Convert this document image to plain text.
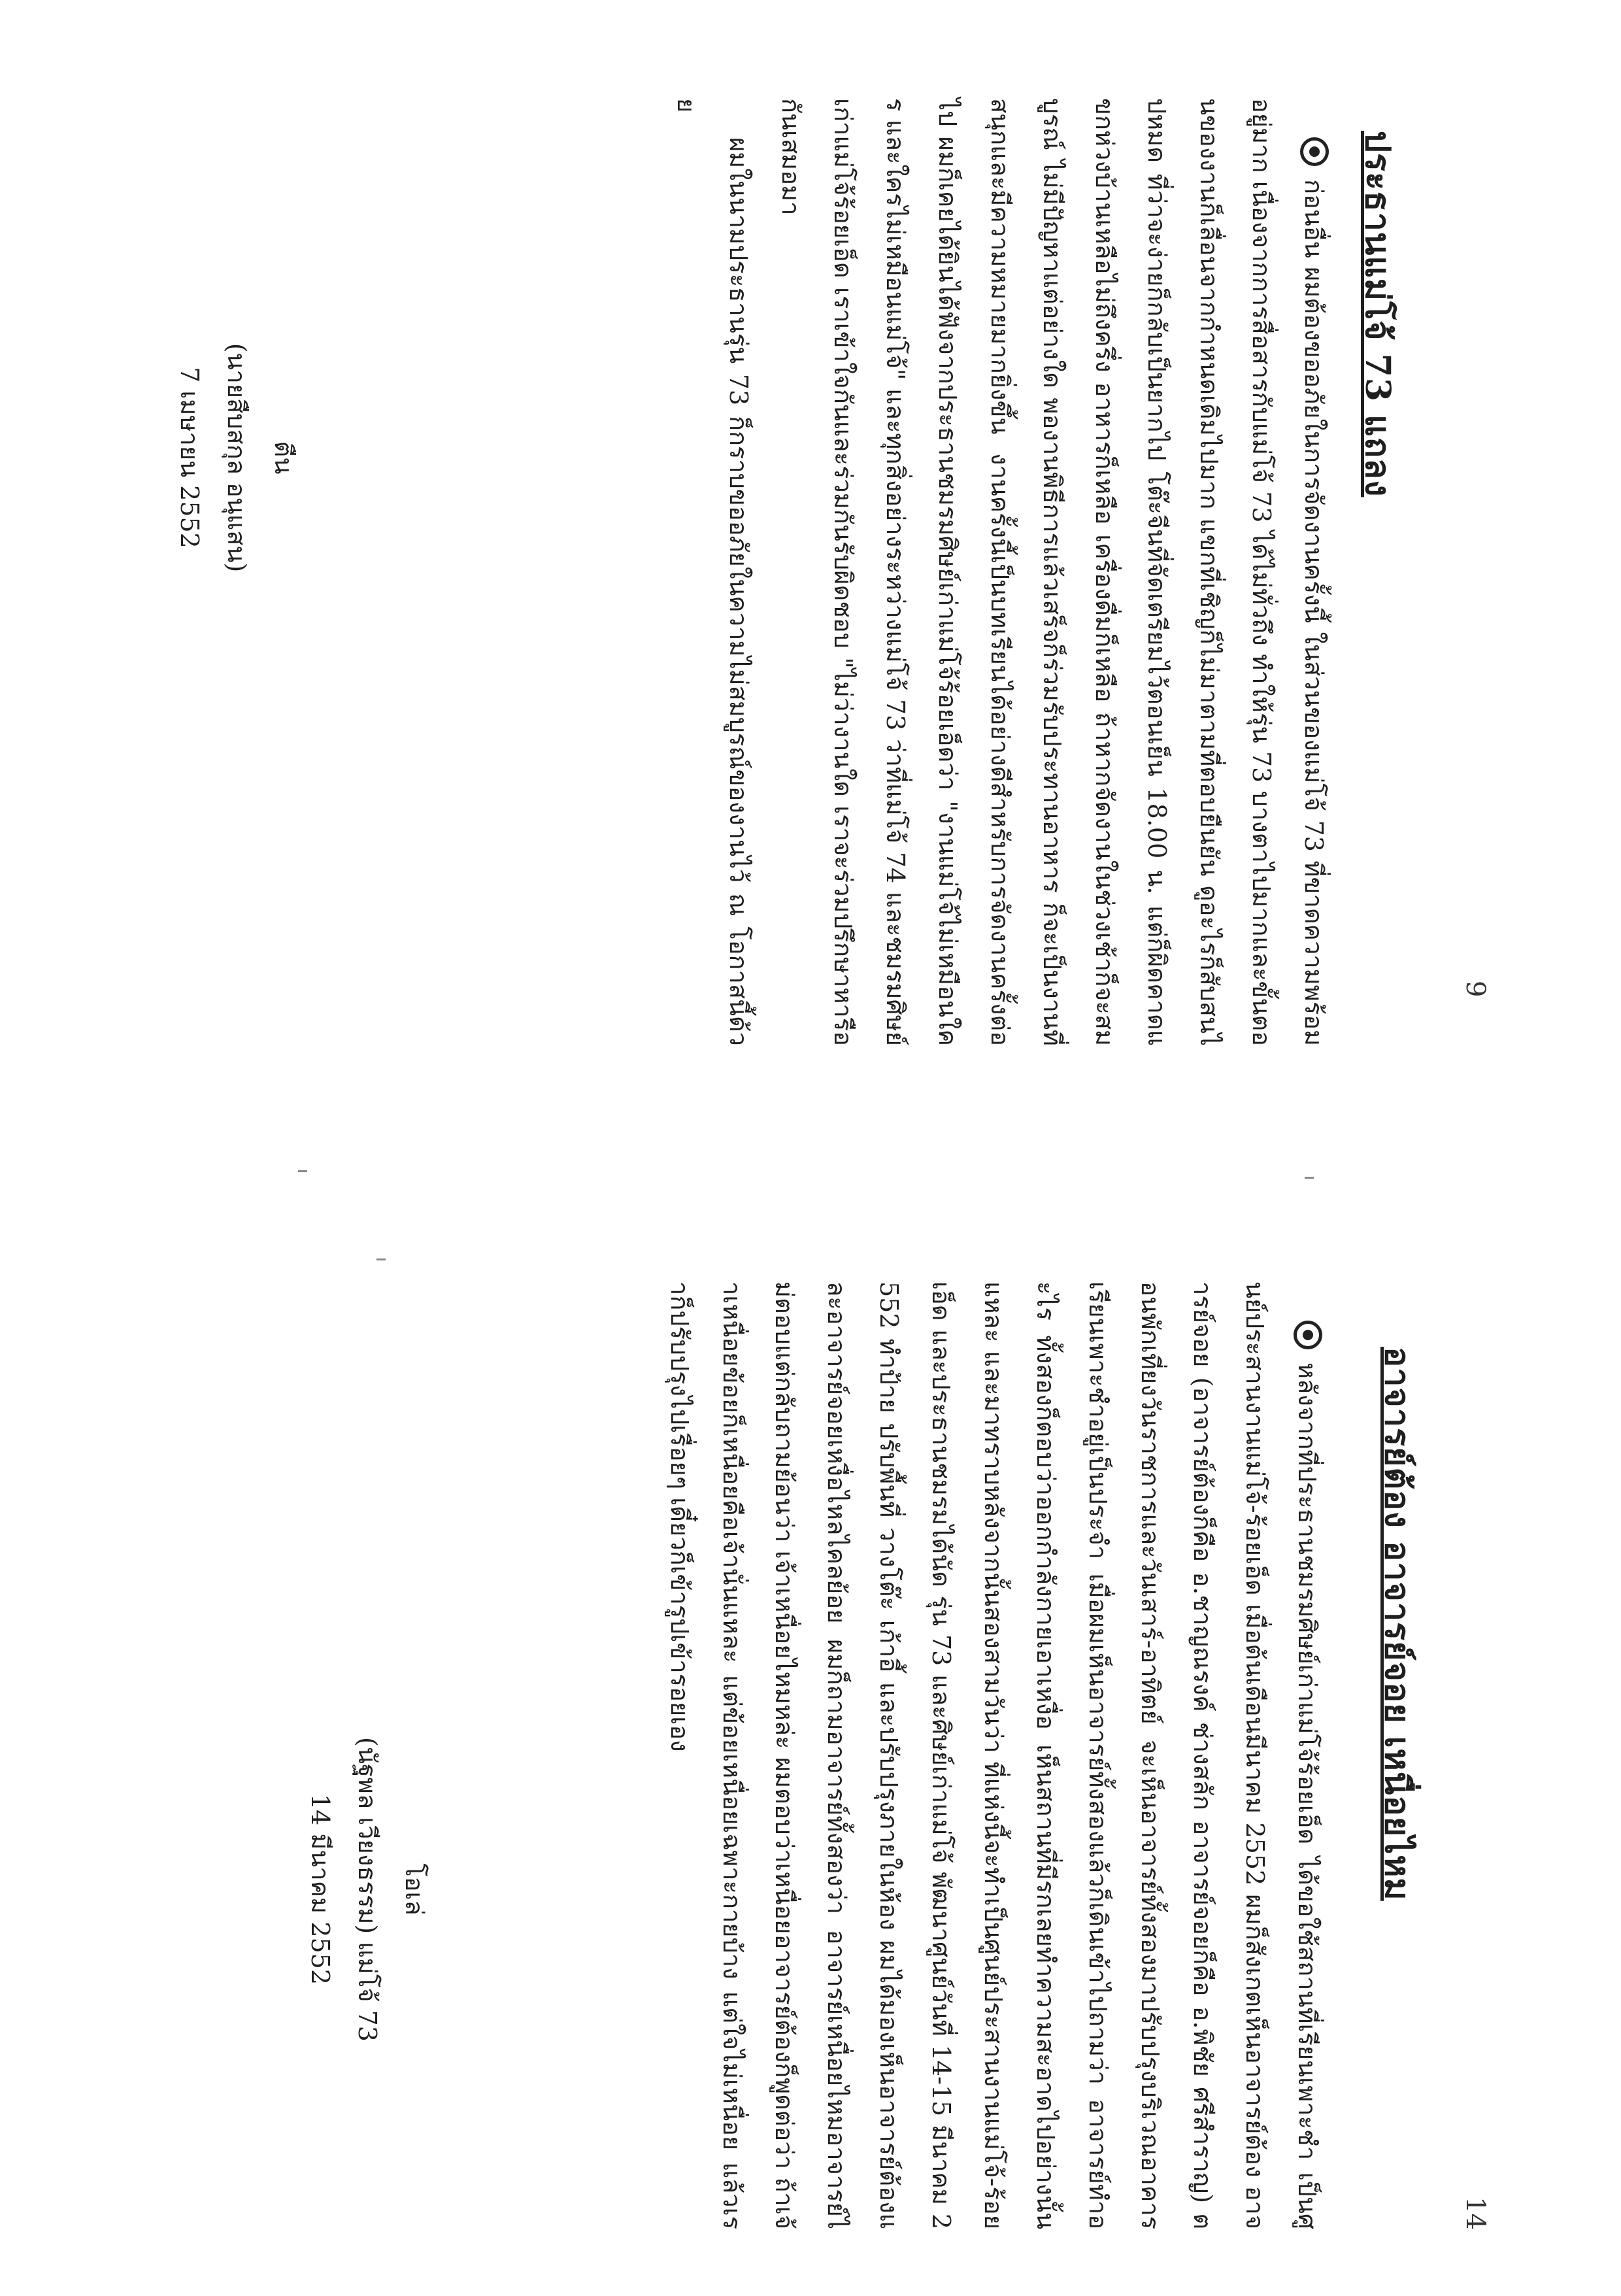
9
ประธานแม่โจ้ 73 แถลง

ก่อนอื่น ผมต้องขออภัยในการจัดงานครั้งนี้ ในส่วนของแม่โจ้ 73 ที่ขาดความพร้อมอยู่มาก เนื่องจากการสื่อสารกับแม่โจ้ 73 ได้ไม่ทั่วถึง ทำให้รุ่น 73 บางตาไปมากและขั้นตอนของงานก็เลื่อนจากกำหนดเดิมไปมาก แขกที่เชิญก็ไม่มาตามที่ตอบยืนยัน ดูอะไรก็สับสนไปหมด ที่ว่าจะง่ายก็กลับเป็นยากไป โต๊ะจีนที่จัดเตรียมไว้ตอนเย็น 18.00 น. แต่ก็ผิดคาดแขกห่วงบ้านเหลือไม่ถึงครึ่ง อาหารก็เหลือ เครื่องดื่มก็เหลือ ถ้าหากจัดงานในช่วงเช้าก็จะสมบูรณ์ ไม่มีปัญหาแต่อย่างใด พองานพิธีการแล้วเสร็จก็ร่วมรับประทานอาหาร ก็จะเป็นงานที่สนุกและมีความหมายมากยิ่งขึ้น งานครั้งนี้เป็นบทเรียนได้อย่างดีสำหรับการจัดงานครั้งต่อไป ผมก็เคยได้ยินได้ฟังจากประธานชมรมศิษย์เก่าแม่โจ้ร้อยเอ็ดว่า "งานแม่โจ้ไม่เหมือนใคร และใครไม่เหมือนแม่โจ้" และทุกสิ่งอย่างระหว่างแม่โจ้ 73 ว่าที่แม่โจ้ 74 และชมรมศิษย์เก่าแม่โจ้ร้อยเอ็ด เราเข้าใจกันและร่วมกันรับผิดชอบ "ไม่ว่างานใด เราจะร่วมปรึกษาหารือกันเสมอมา

ผมในนามประธานรุ่น 73 ก็กราบขออภัยในความไม่สมบูรณ์ของงานไว้ ณ โอกาสนี้ด้วย

ตืน
(นายสืบสกุล อนุแสน)
7 เมษายน 2552
14
อาจารย์ต้อง อาจารย์จอย เหนื่อยไหม

หลังจากที่ประธานชมรมศิษย์เก่าแม่โจ้ร้อยเอ็ด ได้ขอใช้สถานที่เรียนเพาะชำ เป็นศูนย์ประสานงานแม่โจ้-ร้อยเอ็ด เมื่อต้นเดือนมีนาคม 2552 ผมก็สังเกตเห็นอาจารย์ต้อง อาจารย์จอย (อาจารย์ต้องก็คือ อ.ชาญณรงค์ ช่างสลัก อาจารย์จอยก็คือ อ.พิชัย ศรีสำราญ) ตอนพักเที่ยงวันราชการและวันเสาร์-อาทิตย์ จะเห็นอาจารย์ทั้งสองมาปรับปรุงบริเวณอาคารเรียนเพาะชำอยู่เป็นประจำ เมื่อผมเห็นอาจารย์ทั้งสองแล้วก็เดินเข้าไปถามว่า อาจารย์ทำอะไร ทั้งสองก็ตอบว่าออกกำลังกายเอาเหงื่อ เห็นสถานที่มีรกเลยทำความสะอาดไปอย่างนั้นแหละ และมาทราบหลังจากนั้นสองสามวันว่า ที่แห่งนี้จะทำเป็นศูนย์ประสานงานแม่โจ้-ร้อยเอ็ด และประธานชมรมได้นัด รุ่น 73 และศิษย์เก่าแม่โจ้ พัฒนาศูนย์วันที่ 14-15 มีนาคม 2552 ทำป้าย ปรับพื้นที่ วางโต๊ะ เก้าอี้ และปรับปรุงภายในห้อง ผมได้มองเห็นอาจารย์ต้องและอาจารย์จอยเหงื่อไหลไคลย้อย ผมก็ถามอาจารย์ทั้งสองว่า อาจารย์เหนื่อยไหมอาจารย์ไม่ตอบแต่กลับถามย้อนว่า เจ้าเหนื่อยไหมหล่ะ ผมตอบว่าเหนื่อยอาจารย์ต้องก็พูดต่อว่า ถ้าเจ้าเหนื่อยข้อยก็เหนื่อยคือเจ้านั่นแหละ แต่ข้อยเหนื่อยเฉพาะกายบ้าง แต่ใจไม่เหนื่อย แล้วเราก็ปรับปรุงไปเรื่อยๆ เดี๋ยวก็เข้ารูปเข้ารอยเอง

โอเล่
(นัฐพล เวียงธรรม) แม่โจ้ 73
14 มีนาคม 2552
